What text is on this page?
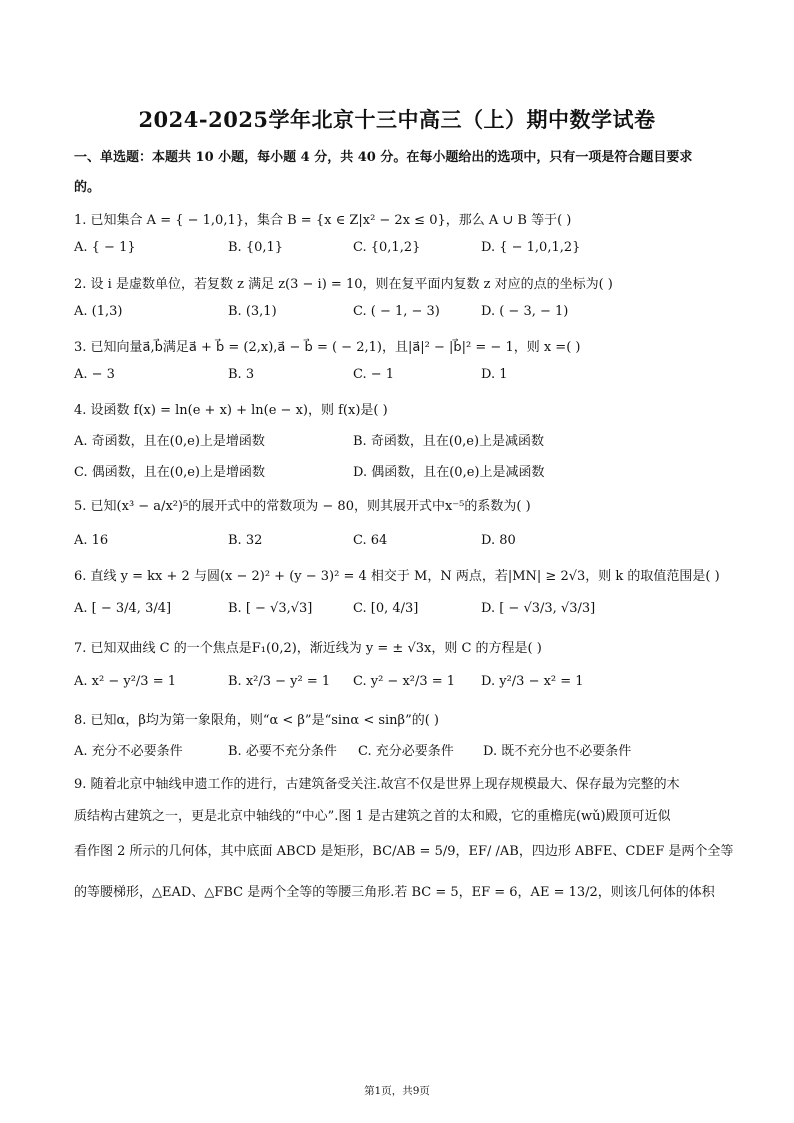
2024-2025学年北京十三中高三（上）期中数学试卷
一、单选题：本题共 10 小题，每小题 4 分，共 40 分。在每小题给出的选项中，只有一项是符合题目要求
的。
1. 已知集合 A = { − 1,0,1}，集合 B = {x ∈ Z|x² − 2x ≤ 0}，那么 A ∪ B 等于( )
A. { − 1}	B. {0,1}	C. {0,1,2}	D. { − 1,0,1,2}
2. 设 i 是虚数单位，若复数 z 满足 z(3 − i) = 10，则在复平面内复数 z 对应的点的坐标为( )
A. (1,3)	B. (3,1)	C. ( − 1, − 3)	D. ( − 3, − 1)
3. 已知向量a⃗,b⃗满足a⃗ + b⃗ = (2,x),a⃗ − b⃗ = ( − 2,1)，且|a⃗|² − |b⃗|² = − 1，则 x =( )
A. − 3	B. 3	C. − 1	D. 1
4. 设函数 f(x) = ln(e + x) + ln(e − x)，则 f(x)是( )
A. 奇函数，且在(0,e)上是增函数	B. 奇函数，且在(0,e)上是减函数
C. 偶函数，且在(0,e)上是增函数	D. 偶函数，且在(0,e)上是减函数
5. 已知(x³ − a/x²)⁵的展开式中的常数项为 − 80，则其展开式中x⁻⁵的系数为( )
A. 16	B. 32	C. 64	D. 80
6. 直线 y = kx + 2 与圆(x − 2)² + (y − 3)² = 4 相交于 M，N 两点，若|MN| ≥ 2√3，则 k 的取值范围是( )
A. [ − 3/4, 3/4]	B. [ − √3,√3]	C. [0, 4/3]	D. [ − √3/3, √3/3]
7. 已知双曲线 C 的一个焦点是F₁(0,2)，渐近线为 y = ± √3x，则 C 的方程是( )
A. x² − y²/3 = 1	B. x²/3 − y² = 1 C. y² − x²/3 = 1 D. y²/3 − x² = 1
8. 已知α，β均为第一象限角，则“α < β”是“sinα < sinβ”的( )
A. 充分不必要条件	B. 必要不充分条件 C. 充分必要条件 D. 既不充分也不必要条件
9. 随着北京中轴线申遗工作的进行，古建筑备受关注.故宫不仅是世界上现存规模最大、保存最为完整的木
质结构古建筑之一，更是北京中轴线的“中心”.图 1 是古建筑之首的太和殿，它的重檐庑(wǔ)殿顶可近似
看作图 2 所示的几何体，其中底面 ABCD 是矩形，BC/AB = 5/9，EF/ /AB，四边形 ABFE、CDEF 是两个全等
的等腰梯形，△EAD、△FBC 是两个全等的等腰三角形.若 BC = 5，EF = 6，AE = 13/2，则该几何体的体积
第1页，共9页
